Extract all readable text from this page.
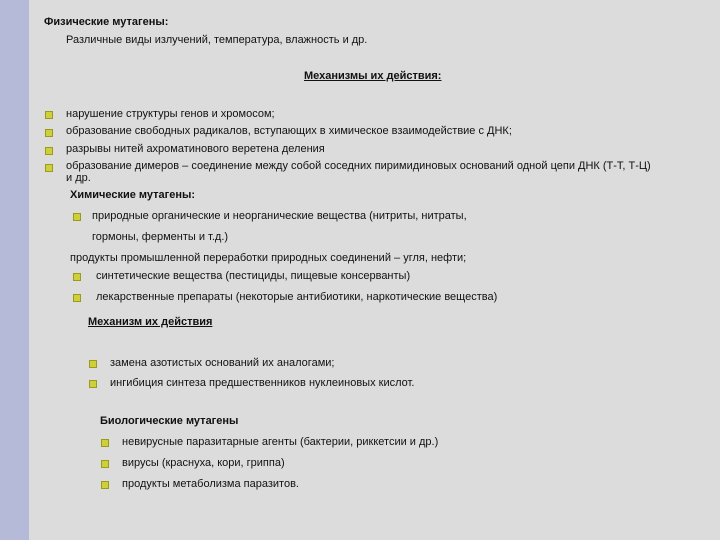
Физические мутагены:
Различные виды излучений, температура, влажность и др.
Механизмы их действия:
нарушение структуры генов и хромосом;
образование свободных радикалов, вступающих в химическое взаимодействие с ДНК;
разрывы нитей ахроматинового веретена деления
образование димеров – соединение между собой соседних пиримидиновых оснований одной цепи ДНК (Т-Т, Т-Ц)
и др.
Химические мутагены:
природные органические и неорганические вещества (нитриты, нитраты,
гормоны, ферменты и т.д.)
продукты промышленной переработки природных соединений – угля, нефти;
синтетические вещества (пестициды, пищевые консерванты)
лекарственные препараты (некоторые антибиотики, наркотические вещества)
Механизм их действия
замена азотистых оснований их аналогами;
ингибиция синтеза предшественников нуклеиновых кислот.
Биологические мутагены
невирусные паразитарные агенты (бактерии, риккетсии и др.)
вирусы (краснуха, кори, гриппа)
продукты метаболизма паразитов.
